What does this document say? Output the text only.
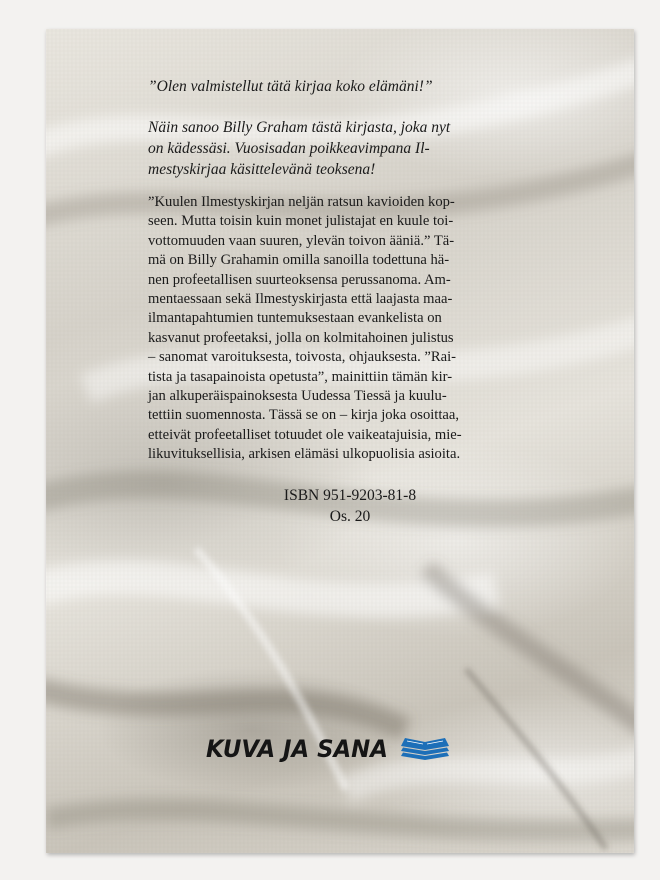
”Olen valmistellut tätä kirjaa koko elämäni!”
Näin sanoo Billy Graham tästä kirjasta, joka nyt
on kädessäsi. Vuosisadan poikkeavimpana Il-
mestyskirjaa käsittelevänä teoksena!
”Kuulen Ilmestyskirjan neljän ratsun kavioiden kop-
seen. Mutta toisin kuin monet julistajat en kuule toi-
vottomuuden vaan suuren, ylevän toivon ääniä.” Tä-
mä on Billy Grahamin omilla sanoilla todettuna hä-
nen profeetallisen suurteoksensa perussanoma. Am-
mentaessaan sekä Ilmestyskirjasta että laajasta maa-
ilmantapahtumien tuntemuksestaan evankelista on
kasvanut profeetaksi, jolla on kolmitahoinen julistus
– sanomat varoituksesta, toivosta, ohjauksesta. ”Rai-
tista ja tasapainoista opetusta”, mainittiin tämän kir-
jan alkuperäispainoksesta Uudessa Tiessä ja kuulu-
tettiin suomennosta. Tässä se on – kirja joka osoittaa,
etteivät profeetalliset totuudet ole vaikeatajuisia, mie-
likuvituksellisia, arkisen elämäsi ulkopuolisia asioita.
ISBN 951-9203-81-8
Os. 20
KUVA JA SANA
